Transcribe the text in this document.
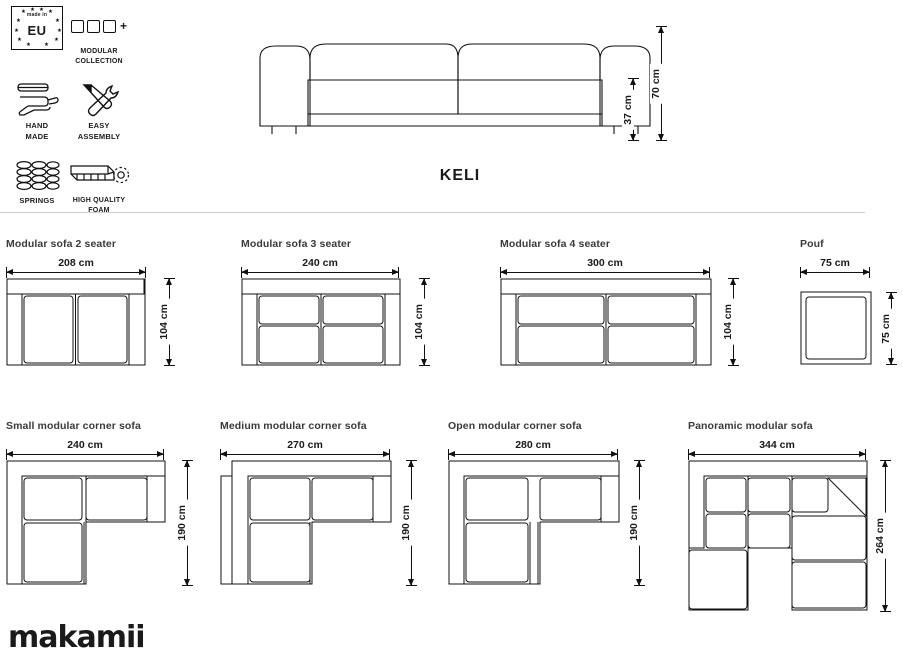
★ ★ ★ ★
★	★
★	★
★	★
★ ★
made in
EU	+
MODULAR
COLLECTION
HAND
MADE
EASY
ASSEMBLY
SPRINGS	HIGH QUALITY
FOAM
70 cm
37 cm
KELI
Modular sofa 2 seater
208 cm
104 cm
Modular sofa 3 seater
240 cm
104 cm
Modular sofa 4 seater
300 cm
104 cm
Pouf
75 cm
75 cm
Small modular corner sofa
240 cm
190 cm
Medium modular corner sofa
270 cm
190 cm
Open modular corner sofa
280 cm
190 cm
Panoramic modular sofa
344 cm
264 cm
makamii
